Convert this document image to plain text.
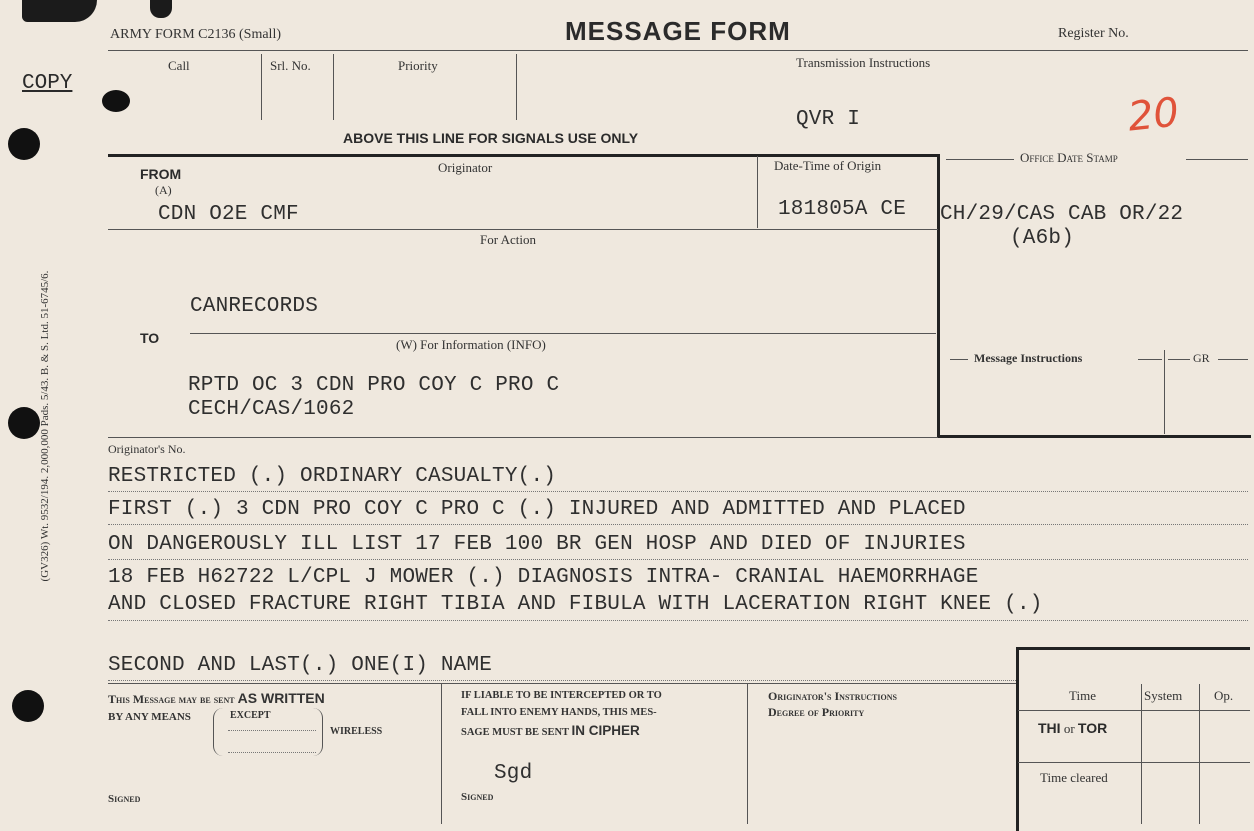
(GV326) Wt. 9532/194. 2,000,000 Pads. 5/43. B. & S. Ltd. 51-6745/6.
COPY
ARMY FORM C2136 (Small)	MESSAGE FORM	Register No.
Call	Srl. No.	Priority	Transmission Instructions
QVR I	20
ABOVE THIS LINE FOR SIGNALS USE ONLY
FROM
(A)
Originator
CDN O2E CMF
Date-Time of Origin
181805A CE
Office Date Stamp
CH/29/CAS CAB OR/22
(A6b)
For Action
CANRECORDS
TO	(W) For Information (INFO)
RPTD OC 3 CDN PRO COY C PRO C
CECH/CAS/1062
Message Instructions	GR
Originator's No.
RESTRICTED (.) ORDINARY CASUALTY(.)
FIRST (.) 3 CDN PRO COY C PRO C (.) INJURED AND ADMITTED AND PLACED
ON DANGEROUSLY ILL LIST 17 FEB 100 BR GEN HOSP AND DIED OF INJURIES
18 FEB H62722 L/CPL J MOWER (.) DIAGNOSIS INTRA- CRANIAL HAEMORRHAGE
AND CLOSED FRACTURE RIGHT TIBIA AND FIBULA WITH LACERATION RIGHT KNEE (.)
SECOND AND LAST(.) ONE(I) NAME
This Message may be sent AS WRITTEN
BY ANY MEANS	EXCEPT
WIRELESS
Signed
IF LIABLE TO BE INTERCEPTED OR TO
FALL INTO ENEMY HANDS, THIS MES-
SAGE MUST BE SENT IN CIPHER
Sgd
Signed
Originator's Instructions
Degree of Priority
Time	System Op.
THI or TOR
Time cleared
